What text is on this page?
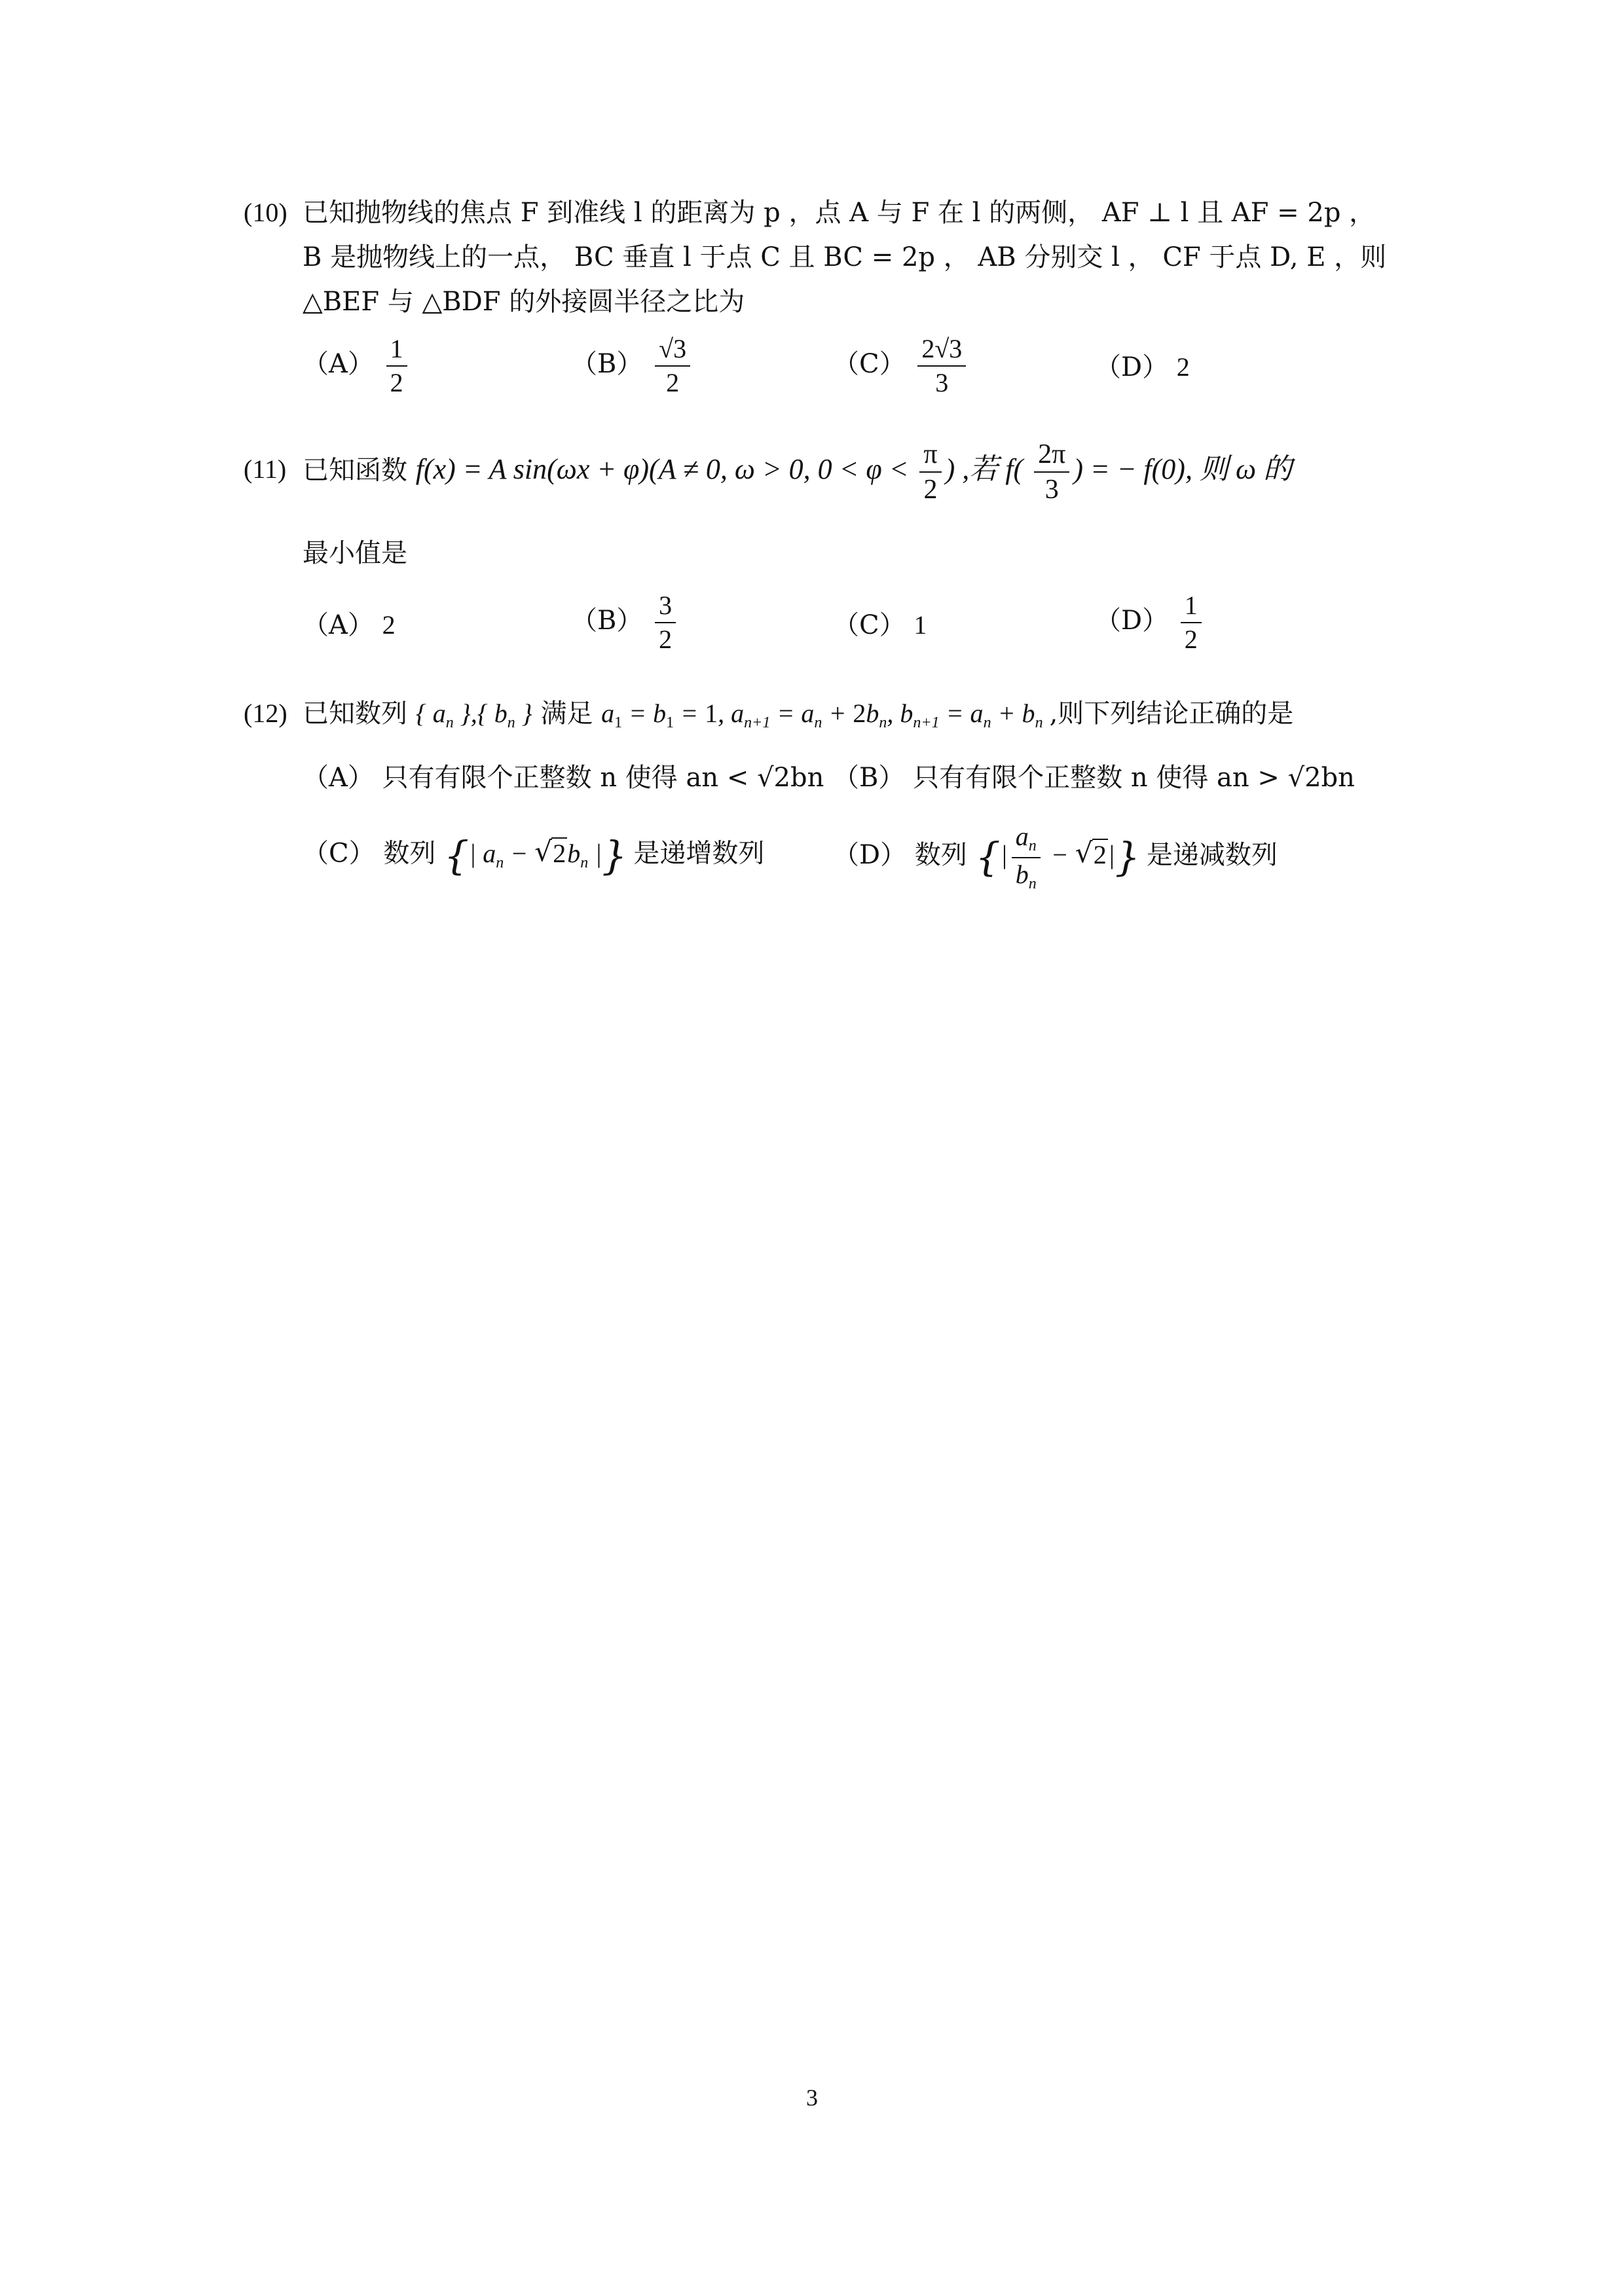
(10) 已知抛物线的焦点 F 到准线 l 的距离为 p ，点 A 与 F 在 l 的两侧， AF ⊥ l 且 AF = 2p ，
B 是抛物线上的一点， BC 垂直 l 于点 C 且 BC = 2p ， AB 分别交 l ， CF 于点 D, E ，则
△BEF 与 △BDF 的外接圆半径之比为
$(A) \frac{1}{2}$	$(B) \frac{√3}{2}$	$(C) \frac{2√3}{3}$	（D） 2
(11) 已知函数 f(x) = A sin(ωx + φ)(A ≠ 0, ω > 0, $0 < \varphi < \frac{\pi}{2}$ ) ,若 $f( \frac{2\pi}{3}$ ) = − f(0), 则 ω 的
最小值是
（A） 2	$(B) \frac{3}{2}$	（C） 1	$(D) \frac{1}{2}$
(12) 已知数列 { $a_n$ },{ $b_n$ } 满足 $a_1 = b_1 = 1$, $a_{n+1} = a_n + 2b_n$, $b_{n+1} = a_n + b_n$ ,则下列结论正确的是
（A） 只有有限个正整数 n 使得 an < √2bn （B） 只有有限个正整数 n 使得 an > √2bn
（C） 数列 {| $a_n$ − √ $2b_n$ |} 是递增数列	（D） 数列 {| $\frac{a_n}{b_n}$ − √ 2|} 是递减数列
3
